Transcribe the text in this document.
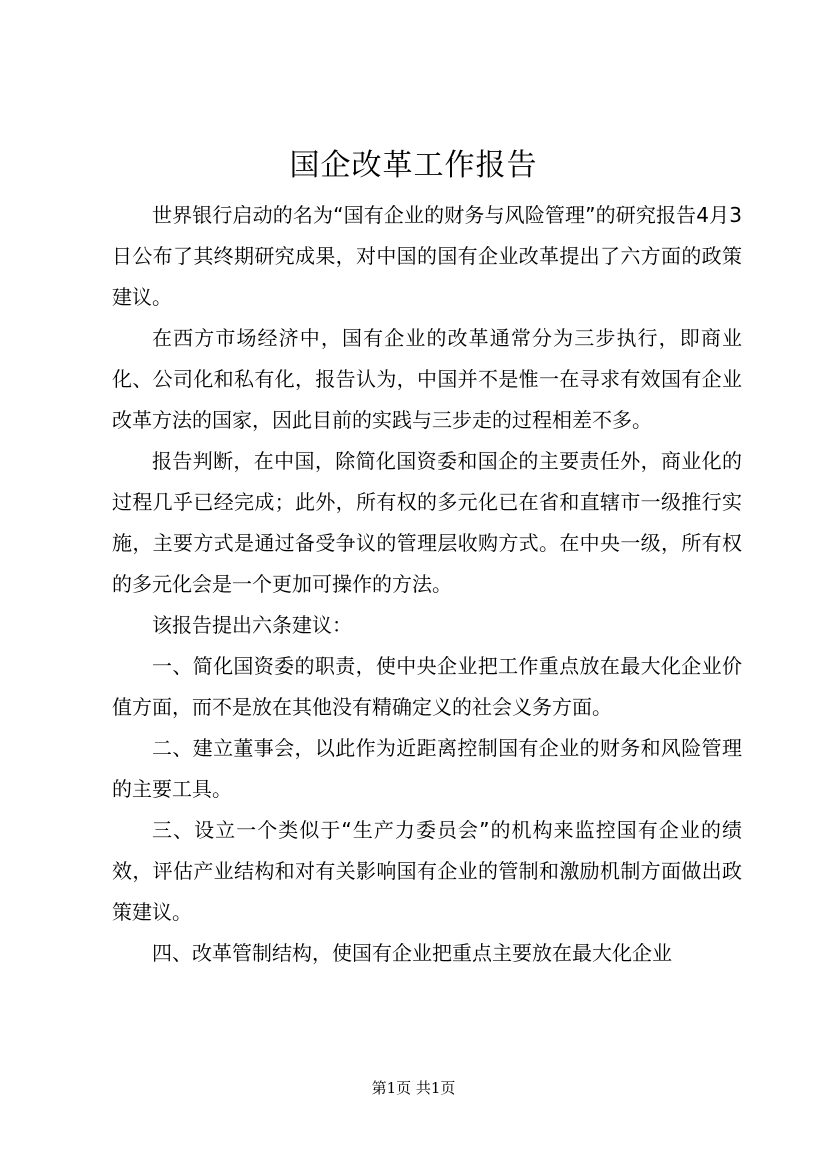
国企改革工作报告

世界银行启动的名为“国有企业的财务与风险管理”的研究报告4月3日公布了其终期研究成果，对中国的国有企业改革提出了六方面的政策建议。

在西方市场经济中，国有企业的改革通常分为三步执行，即商业化、公司化和私有化，报告认为，中国并不是惟一在寻求有效国有企业改革方法的国家，因此目前的实践与三步走的过程相差不多。

报告判断，在中国，除简化国资委和国企的主要责任外，商业化的过程几乎已经完成；此外，所有权的多元化已在省和直辖市一级推行实施，主要方式是通过备受争议的管理层收购方式。在中央一级，所有权的多元化会是一个更加可操作的方法。

该报告提出六条建议：

一、简化国资委的职责，使中央企业把工作重点放在最大化企业价值方面，而不是放在其他没有精确定义的社会义务方面。

二、建立董事会，以此作为近距离控制国有企业的财务和风险管理的主要工具。

三、设立一个类似于“生产力委员会”的机构来监控国有企业的绩效，评估产业结构和对有关影响国有企业的管制和激励机制方面做出政策建议。

四、改革管制结构，使国有企业把重点主要放在最大化企业

第1页 共1页
